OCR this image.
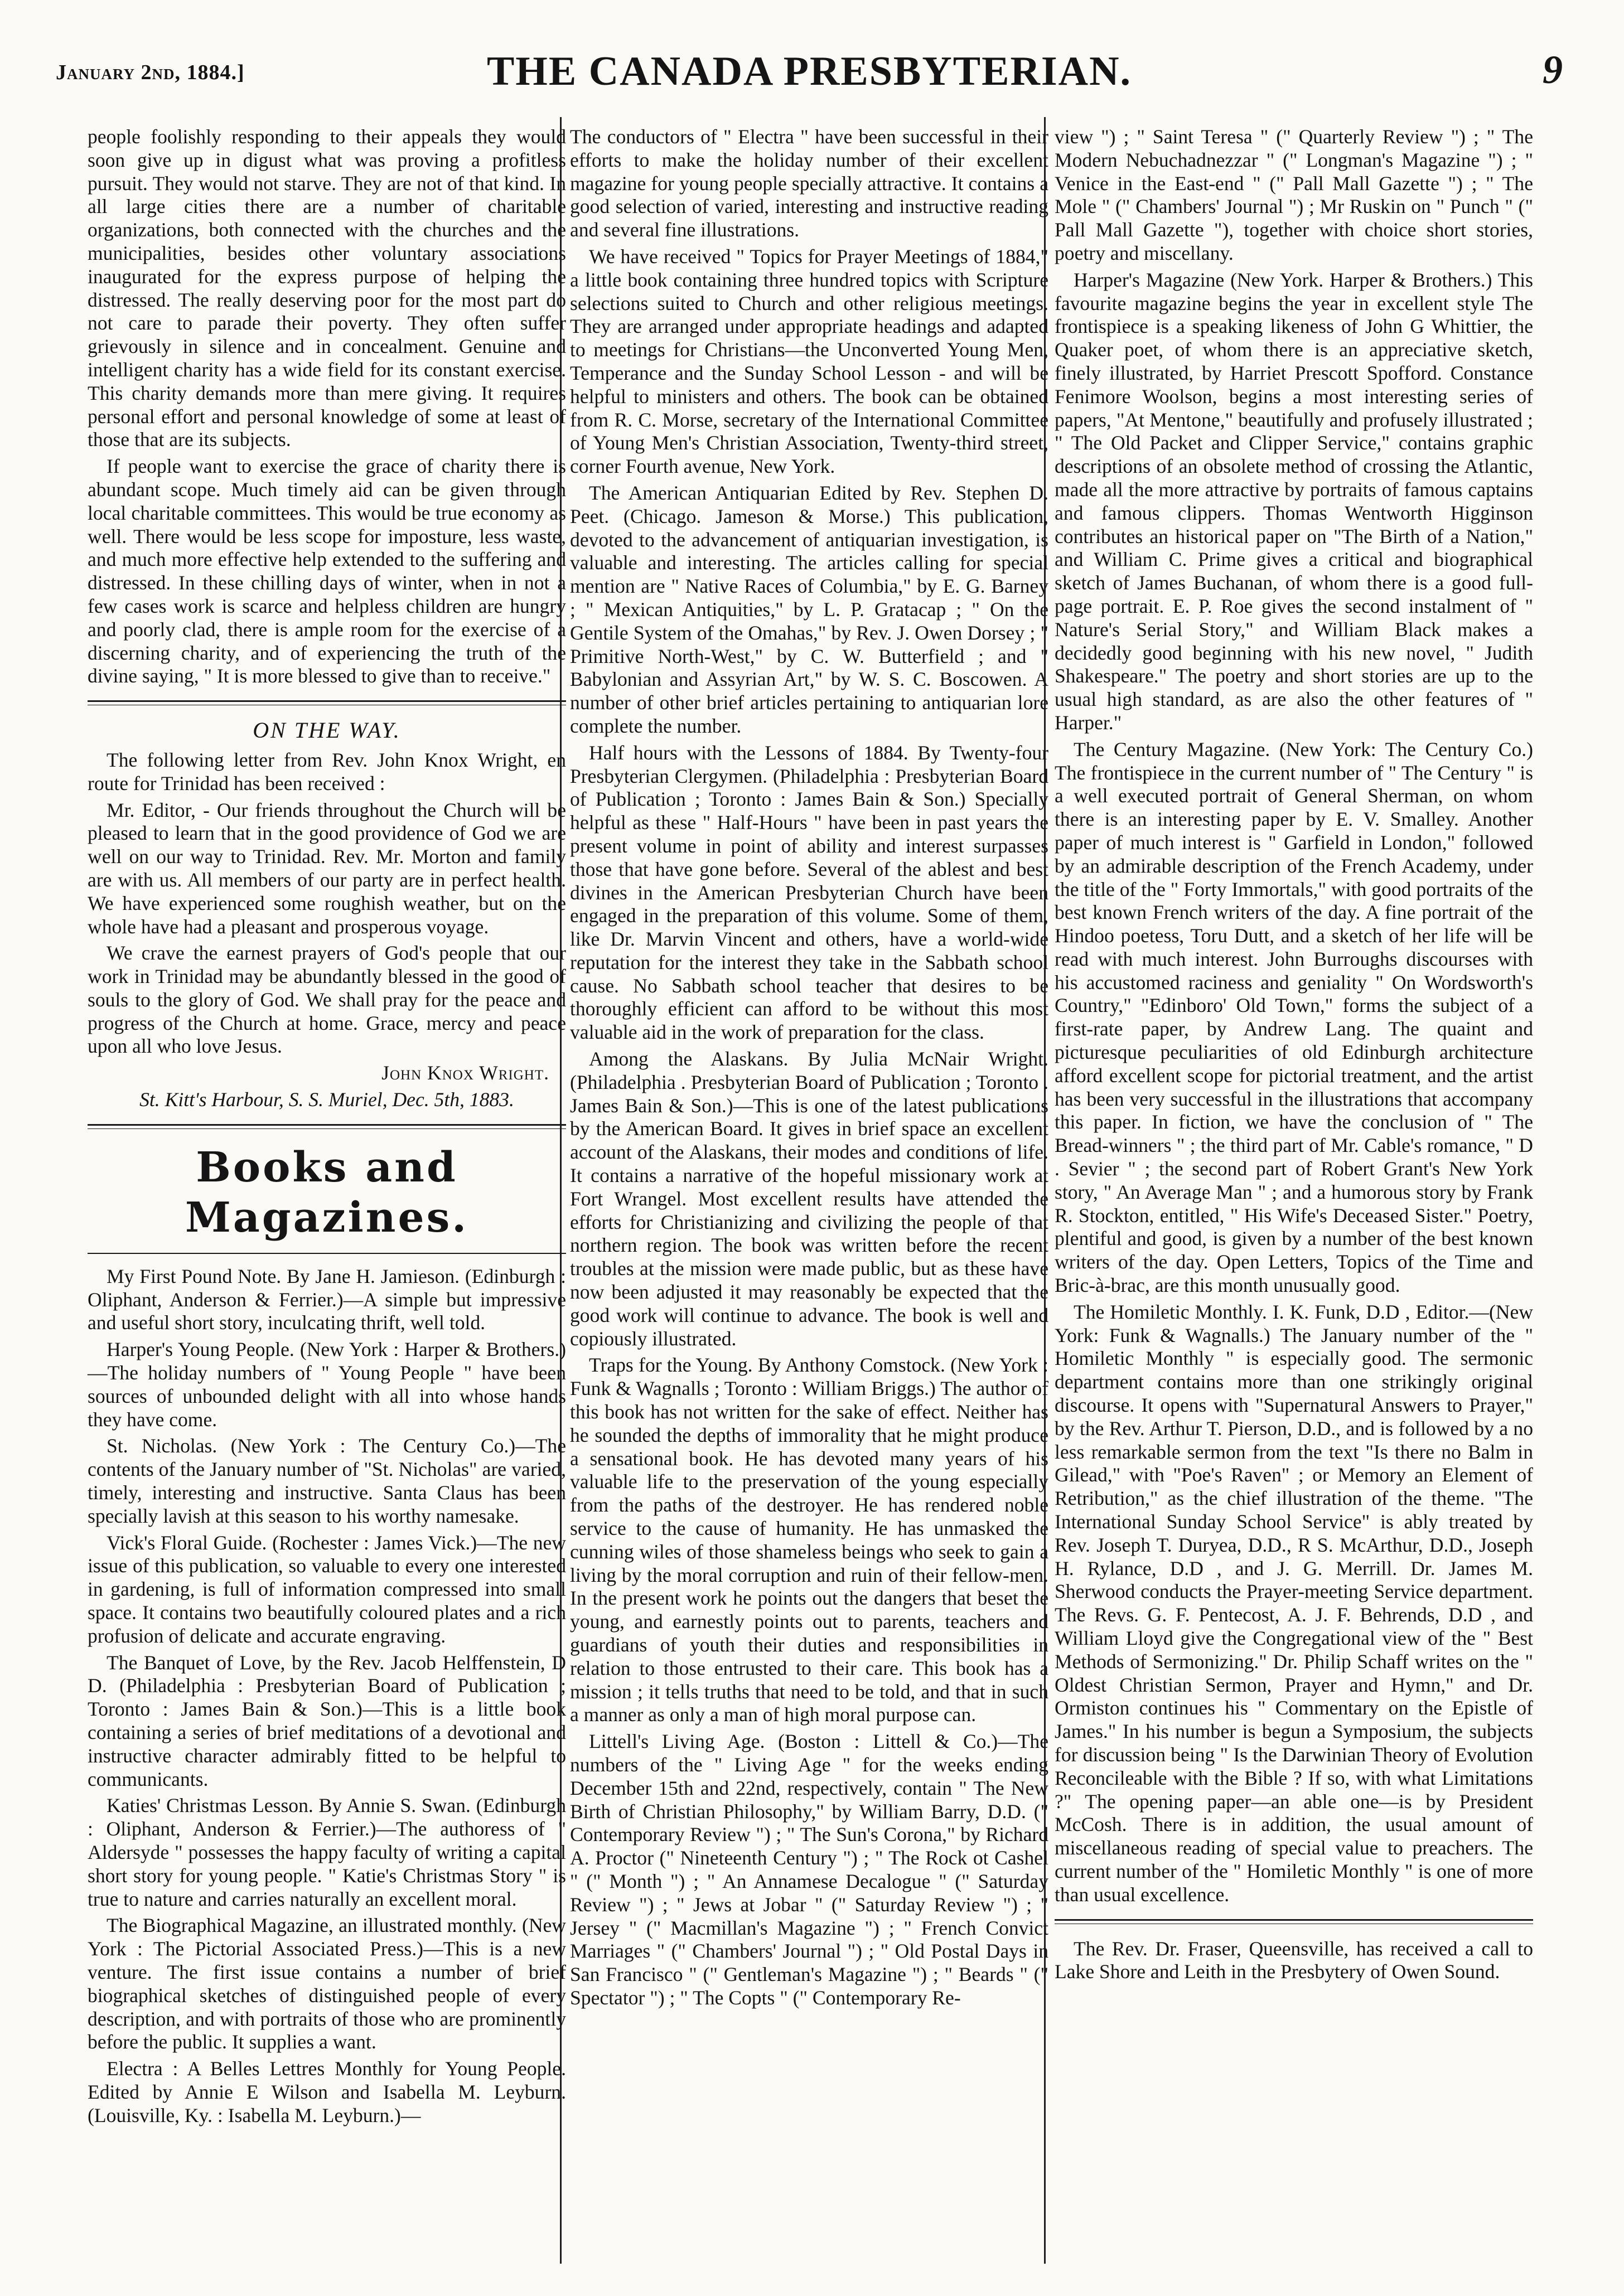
January 2nd, 1884.]	THE CANADA PRESBYTERIAN.	9

people foolishly responding to their appeals they would soon give up in digust what was proving a profitless pursuit. They would not starve. They are not of that kind. In all large cities there are a number of charitable organizations, both connected with the churches and the municipalities, besides other voluntary associations inaugurated for the express purpose of helping the distressed. The really deserving poor for the most part do not care to parade their poverty. They often suffer grievously in silence and in concealment. Genuine and intelligent charity has a wide field for its constant exercise. This charity demands more than mere giving. It requires personal effort and personal knowledge of some at least of those that are its subjects.

If people want to exercise the grace of charity there is abundant scope. Much timely aid can be given through local charitable committees. This would be true economy as well. There would be less scope for imposture, less waste, and much more effective help extended to the suffering and distressed. In these chilling days of winter, when in not a few cases work is scarce and helpless children are hungry and poorly clad, there is ample room for the exercise of a discerning charity, and of experiencing the truth of the divine saying, " It is more blessed to give than to receive."

ON THE WAY.

The following letter from Rev. John Knox Wright, en route for Trinidad has been received :

Mr. Editor, - Our friends throughout the Church will be pleased to learn that in the good providence of God we are well on our way to Trinidad. Rev. Mr. Morton and family are with us. All members of our party are in perfect health. We have experienced some roughish weather, but on the whole have had a pleasant and prosperous voyage.

We crave the earnest prayers of God's people that our work in Trinidad may be abundantly blessed in the good of souls to the glory of God. We shall pray for the peace and progress of the Church at home. Grace, mercy and peace upon all who love Jesus.

John Knox Wright.

St. Kitt's Harbour, S. S. Muriel, Dec. 5th, 1883.

Books and Magazines.

My First Pound Note. By Jane H. Jamieson. (Edinburgh : Oliphant, Anderson & Ferrier.)—A simple but impressive and useful short story, inculcating thrift, well told.

Harper's Young People. (New York : Harper & Brothers.)—The holiday numbers of " Young People " have been sources of unbounded delight with all into whose hands they have come.

St. Nicholas. (New York : The Century Co.)—The contents of the January number of "St. Nicholas" are varied, timely, interesting and instructive. Santa Claus has been specially lavish at this season to his worthy namesake.

Vick's Floral Guide. (Rochester : James Vick.)—The new issue of this publication, so valuable to every one interested in gardening, is full of information compressed into small space. It contains two beautifully coloured plates and a rich profusion of delicate and accurate engraving.

The Banquet of Love, by the Rev. Jacob Helffenstein, D D. (Philadelphia : Presbyterian Board of Publication ; Toronto : James Bain & Son.)—This is a little book containing a series of brief meditations of a devotional and instructive character admirably fitted to be helpful to communicants.

Katies' Christmas Lesson. By Annie S. Swan. (Edinburgh : Oliphant, Anderson & Ferrier.)—The authoress of " Aldersyde " possesses the happy faculty of writing a capital short story for young people. " Katie's Christmas Story " is true to nature and carries naturally an excellent moral.

The Biographical Magazine, an illustrated monthly. (New York : The Pictorial Associated Press.)—This is a new venture. The first issue contains a number of brief biographical sketches of distinguished people of every description, and with portraits of those who are prominently before the public. It supplies a want.

Electra : A Belles Lettres Monthly for Young People. Edited by Annie E Wilson and Isabella M. Leyburn. (Louisville, Ky. : Isabella M. Leyburn.)—

The conductors of " Electra " have been successful in their efforts to make the holiday number of their excellent magazine for young people specially attractive. It contains a good selection of varied, interesting and instructive reading and several fine illustrations.

We have received " Topics for Prayer Meetings of 1884," a little book containing three hundred topics with Scripture selections suited to Church and other religious meetings. They are arranged under appropriate headings and adapted to meetings for Christians—the Unconverted Young Men, Temperance and the Sunday School Lesson - and will be helpful to ministers and others. The book can be obtained from R. C. Morse, secretary of the International Committee of Young Men's Christian Association, Twenty-third street, corner Fourth avenue, New York.

The American Antiquarian Edited by Rev. Stephen D. Peet. (Chicago. Jameson & Morse.) This publication, devoted to the advancement of antiquarian investigation, is valuable and interesting. The articles calling for special mention are " Native Races of Columbia," by E. G. Barney ; " Mexican Antiquities," by L. P. Gratacap ; " On the Gentile System of the Omahas," by Rev. J. Owen Dorsey ; " Primitive North-West," by C. W. Butterfield ; and " Babylonian and Assyrian Art," by W. S. C. Boscowen. A number of other brief articles pertaining to antiquarian lore complete the number.

Half hours with the Lessons of 1884. By Twenty-four Presbyterian Clergymen. (Philadelphia : Presbyterian Board of Publication ; Toronto : James Bain & Son.) Specially helpful as these " Half-Hours " have been in past years the present volume in point of ability and interest surpasses those that have gone before. Several of the ablest and best divines in the American Presbyterian Church have been engaged in the preparation of this volume. Some of them, like Dr. Marvin Vincent and others, have a world-wide reputation for the interest they take in the Sabbath school cause. No Sabbath school teacher that desires to be thoroughly efficient can afford to be without this most valuable aid in the work of preparation for the class.

Among the Alaskans. By Julia McNair Wright. (Philadelphia . Presbyterian Board of Publication ; Toronto . James Bain & Son.)—This is one of the latest publications by the American Board. It gives in brief space an excellent account of the Alaskans, their modes and conditions of life. It contains a narrative of the hopeful missionary work at Fort Wrangel. Most excellent results have attended the efforts for Christianizing and civilizing the people of that northern region. The book was written before the recent troubles at the mission were made public, but as these have now been adjusted it may reasonably be expected that the good work will continue to advance. The book is well and copiously illustrated.

Traps for the Young. By Anthony Comstock. (New York : Funk & Wagnalls ; Toronto : William Briggs.) The author of this book has not written for the sake of effect. Neither has he sounded the depths of immorality that he might produce a sensational book. He has devoted many years of his valuable life to the preservation of the young especially from the paths of the destroyer. He has rendered noble service to the cause of humanity. He has unmasked the cunning wiles of those shameless beings who seek to gain a living by the moral corruption and ruin of their fellow-men. In the present work he points out the dangers that beset the young, and earnestly points out to parents, teachers and guardians of youth their duties and responsibilities in relation to those entrusted to their care. This book has a mission ; it tells truths that need to be told, and that in such a manner as only a man of high moral purpose can.

Littell's Living Age. (Boston : Littell & Co.)—The numbers of the " Living Age " for the weeks ending December 15th and 22nd, respectively, contain " The New Birth of Christian Philosophy," by William Barry, D.D. (" Contemporary Review ") ; " The Sun's Corona," by Richard A. Proctor (" Nineteenth Century ") ; " The Rock ot Cashel " (" Month ") ; " An Annamese Decalogue " (" Saturday Review ") ; " Jews at Jobar " (" Saturday Review ") ; " Jersey " (" Macmillan's Magazine ") ; " French Convict Marriages " (" Chambers' Journal ") ; " Old Postal Days in San Francisco " (" Gentleman's Magazine ") ; " Beards " (" Spectator ") ; " The Copts " (" Contemporary Re-

view ") ; " Saint Teresa " (" Quarterly Review ") ; " The Modern Nebuchadnezzar " (" Longman's Magazine ") ; " Venice in the East-end " (" Pall Mall Gazette ") ; " The Mole " (" Chambers' Journal ") ; Mr Ruskin on " Punch " (" Pall Mall Gazette "), together with choice short stories, poetry and miscellany.

Harper's Magazine (New York. Harper & Brothers.) This favourite magazine begins the year in excellent style The frontispiece is a speaking likeness of John G Whittier, the Quaker poet, of whom there is an appreciative sketch, finely illustrated, by Harriet Prescott Spofford. Constance Fenimore Woolson, begins a most interesting series of papers, "At Mentone," beautifully and profusely illustrated ; " The Old Packet and Clipper Service," contains graphic descriptions of an obsolete method of crossing the Atlantic, made all the more attractive by portraits of famous captains and famous clippers. Thomas Wentworth Higginson contributes an historical paper on "The Birth of a Nation," and William C. Prime gives a critical and biographical sketch of James Buchanan, of whom there is a good full-page portrait. E. P. Roe gives the second instalment of " Nature's Serial Story," and William Black makes a decidedly good beginning with his new novel, " Judith Shakespeare." The poetry and short stories are up to the usual high standard, as are also the other features of " Harper."

The Century Magazine. (New York: The Century Co.) The frontispiece in the current number of " The Century " is a well executed portrait of General Sherman, on whom there is an interesting paper by E. V. Smalley. Another paper of much interest is " Garfield in London," followed by an admirable description of the French Academy, under the title of the " Forty Immortals," with good portraits of the best known French writers of the day. A fine portrait of the Hindoo poetess, Toru Dutt, and a sketch of her life will be read with much interest. John Burroughs discourses with his accustomed raciness and geniality " On Wordsworth's Country," "Edinboro' Old Town," forms the subject of a first-rate paper, by Andrew Lang. The quaint and picturesque peculiarities of old Edinburgh architecture afford excellent scope for pictorial treatment, and the artist has been very successful in the illustrations that accompany this paper. In fiction, we have the conclusion of " The Bread-winners " ; the third part of Mr. Cable's romance, " D . Sevier " ; the second part of Robert Grant's New York story, " An Average Man " ; and a humorous story by Frank R. Stockton, entitled, " His Wife's Deceased Sister." Poetry, plentiful and good, is given by a number of the best known writers of the day. Open Letters, Topics of the Time and Bric-à-brac, are this month unusually good.

The Homiletic Monthly. I. K. Funk, D.D , Editor.—(New York: Funk & Wagnalls.) The January number of the " Homiletic Monthly " is especially good. The sermonic department contains more than one strikingly original discourse. It opens with "Supernatural Answers to Prayer," by the Rev. Arthur T. Pierson, D.D., and is followed by a no less remarkable sermon from the text "Is there no Balm in Gilead," with "Poe's Raven" ; or Memory an Element of Retribution," as the chief illustration of the theme. "The International Sunday School Service" is ably treated by Rev. Joseph T. Duryea, D.D., R S. McArthur, D.D., Joseph H. Rylance, D.D , and J. G. Merrill. Dr. James M. Sherwood conducts the Prayer-meeting Service department. The Revs. G. F. Pentecost, A. J. F. Behrends, D.D , and William Lloyd give the Congregational view of the " Best Methods of Sermonizing." Dr. Philip Schaff writes on the " Oldest Christian Sermon, Prayer and Hymn," and Dr. Ormiston continues his " Commentary on the Epistle of James." In his number is begun a Symposium, the subjects for discussion being " Is the Darwinian Theory of Evolution Reconcileable with the Bible ? If so, with what Limitations ?" The opening paper—an able one—is by President McCosh. There is in addition, the usual amount of miscellaneous reading of special value to preachers. The current number of the " Homiletic Monthly " is one of more than usual excellence.

The Rev. Dr. Fraser, Queensville, has received a call to Lake Shore and Leith in the Presbytery of Owen Sound.
